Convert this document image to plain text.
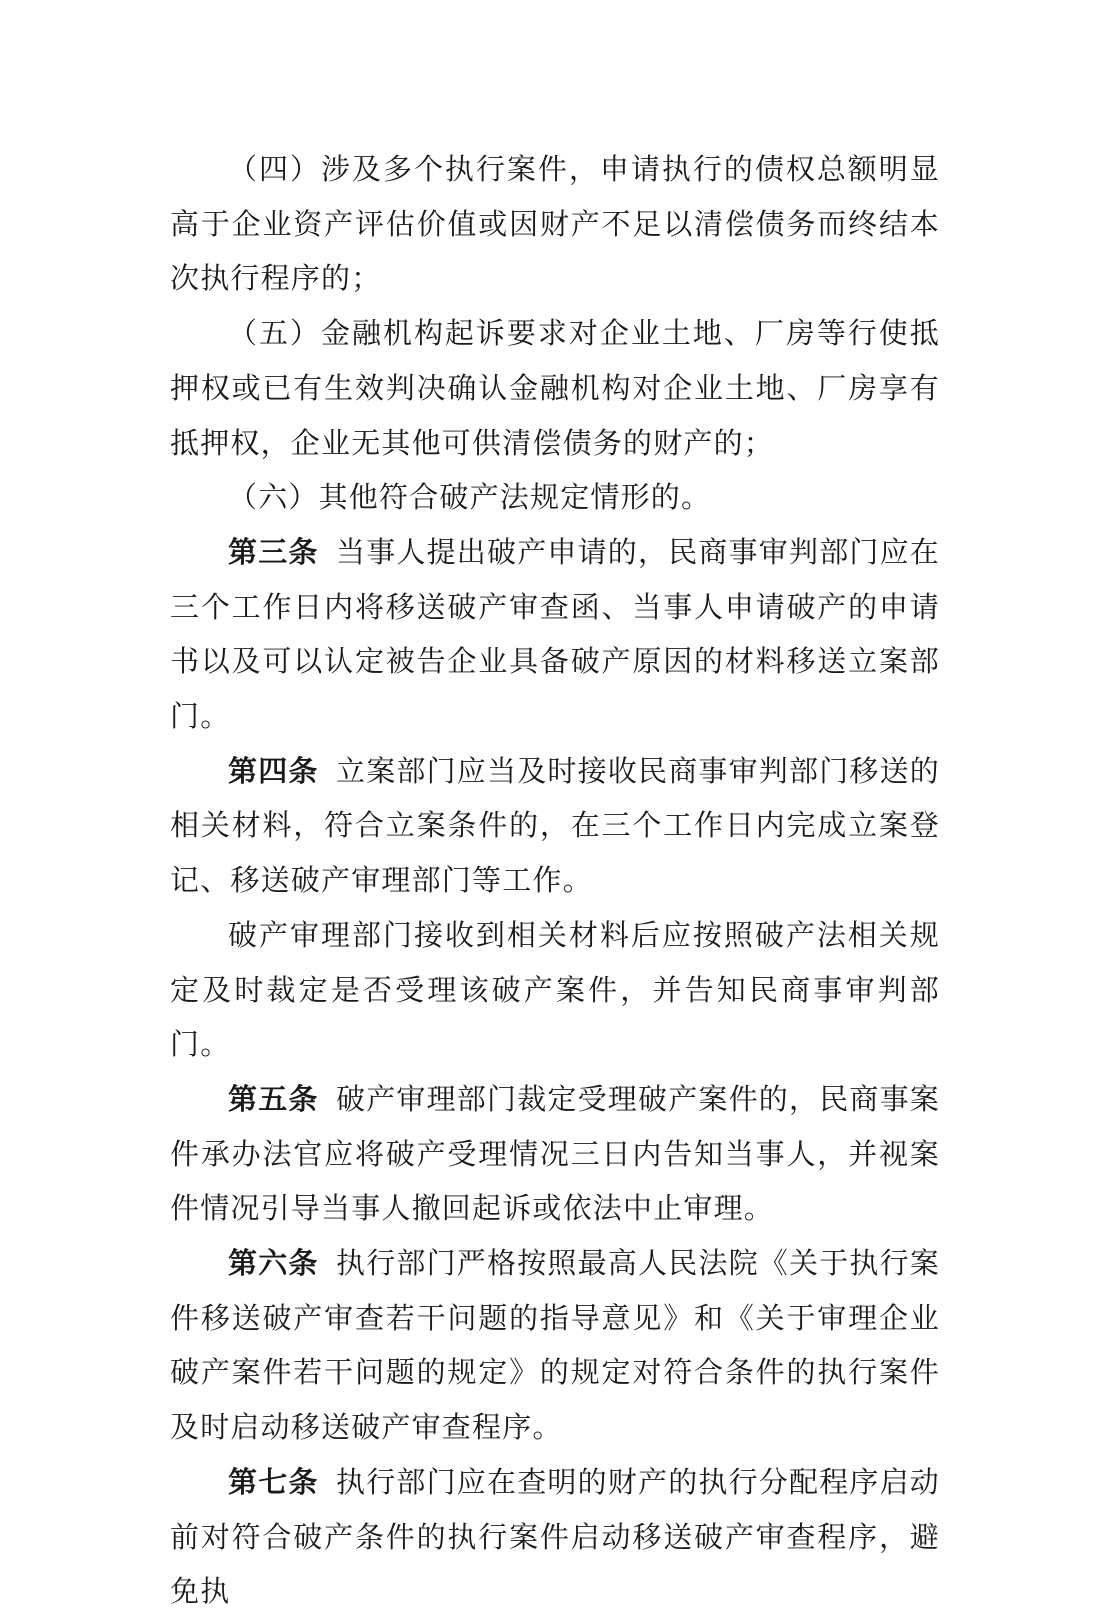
（四）涉及多个执行案件，申请执行的债权总额明显高于企业资产评估价值或因财产不足以清偿债务而终结本次执行程序的；

（五）金融机构起诉要求对企业土地、厂房等行使抵押权或已有生效判决确认金融机构对企业土地、厂房享有抵押权，企业无其他可供清偿债务的财产的；

（六）其他符合破产法规定情形的。

第三条 当事人提出破产申请的，民商事审判部门应在三个工作日内将移送破产审查函、当事人申请破产的申请书以及可以认定被告企业具备破产原因的材料移送立案部门。

第四条 立案部门应当及时接收民商事审判部门移送的相关材料，符合立案条件的，在三个工作日内完成立案登记、移送破产审理部门等工作。

破产审理部门接收到相关材料后应按照破产法相关规定及时裁定是否受理该破产案件，并告知民商事审判部门。

第五条 破产审理部门裁定受理破产案件的，民商事案件承办法官应将破产受理情况三日内告知当事人，并视案件情况引导当事人撤回起诉或依法中止审理。

第六条 执行部门严格按照最高人民法院《关于执行案件移送破产审查若干问题的指导意见》和《关于审理企业破产案件若干问题的规定》的规定对符合条件的执行案件及时启动移送破产审查程序。

第七条 执行部门应在查明的财产的执行分配程序启动前对符合破产条件的执行案件启动移送破产审查程序，避免执
